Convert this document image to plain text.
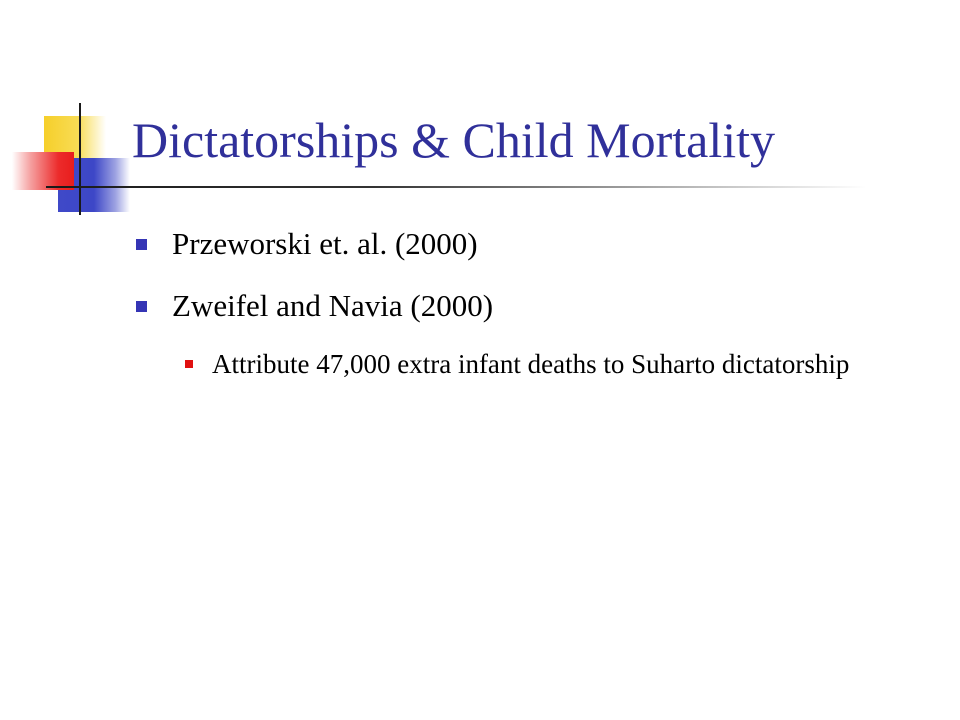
Dictatorships & Child Mortality
Przeworski et. al. (2000)
Zweifel and Navia (2000)
Attribute 47,000 extra infant deaths to Suharto dictatorship
